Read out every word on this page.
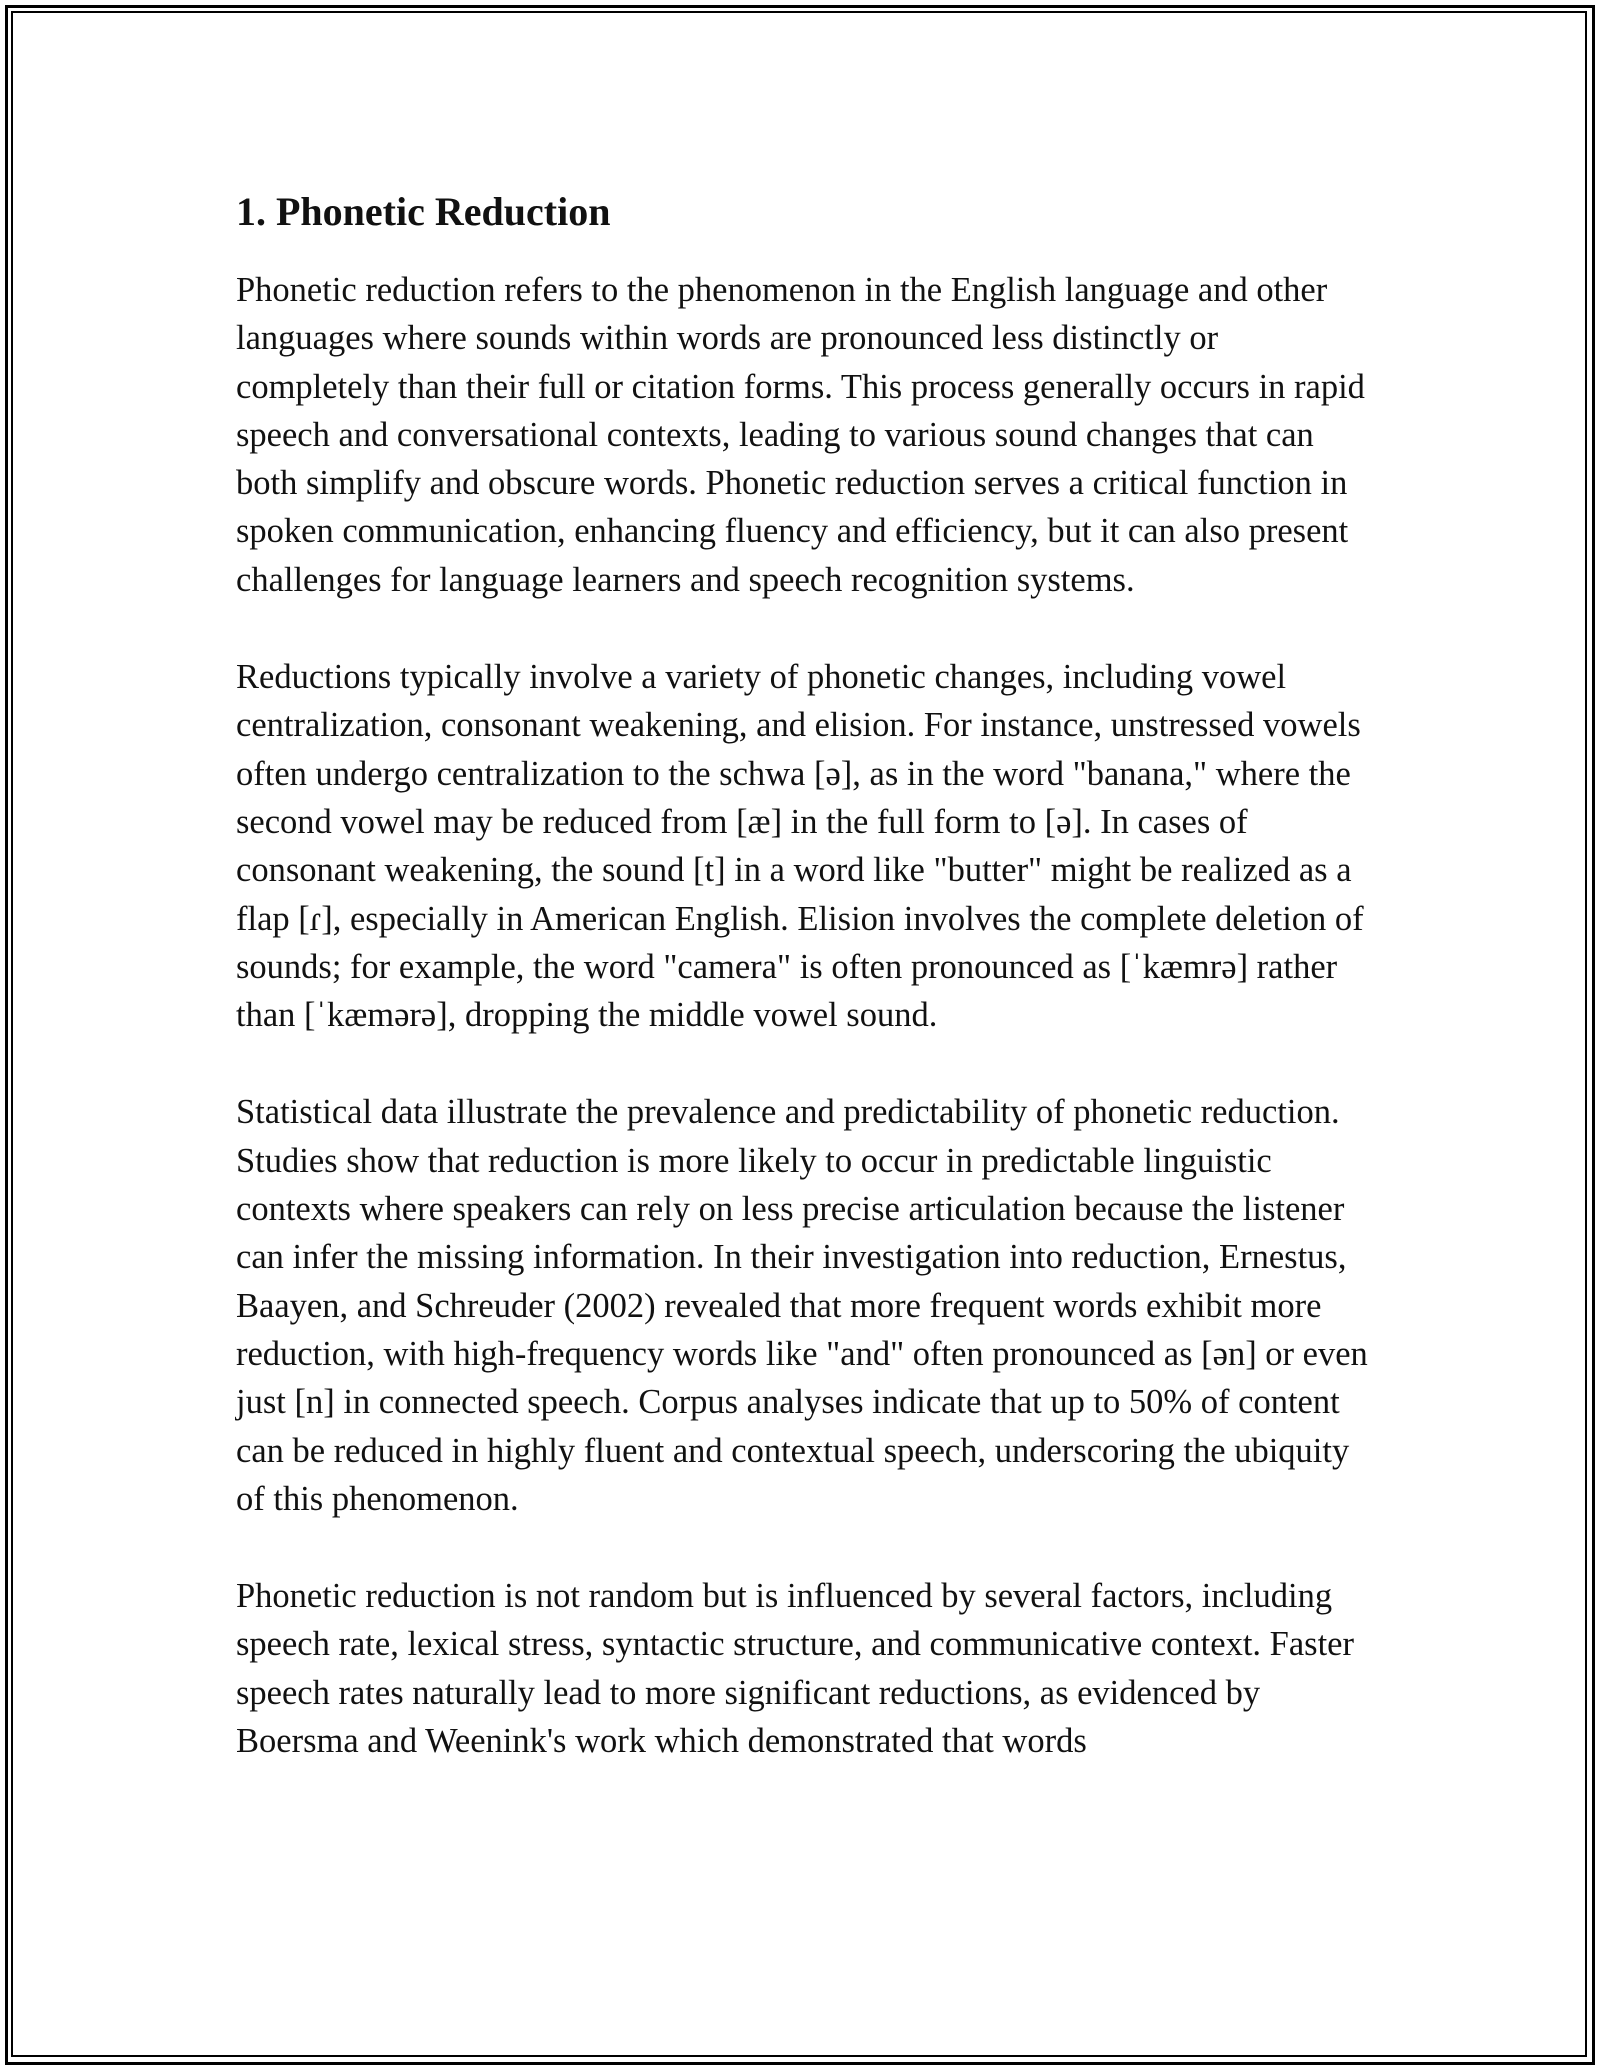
1. Phonetic Reduction

Phonetic reduction refers to the phenomenon in the English language and other languages where sounds within words are pronounced less distinctly or completely than their full or citation forms. This process generally occurs in rapid speech and conversational contexts, leading to various sound changes that can both simplify and obscure words. Phonetic reduction serves a critical function in spoken communication, enhancing fluency and efficiency, but it can also present challenges for language learners and speech recognition systems.

Reductions typically involve a variety of phonetic changes, including vowel centralization, consonant weakening, and elision. For instance, unstressed vowels often undergo centralization to the schwa [ə], as in the word "banana," where the second vowel may be reduced from [æ] in the full form to [ə]. In cases of consonant weakening, the sound [t] in a word like "butter" might be realized as a flap [ɾ], especially in American English. Elision involves the complete deletion of sounds; for example, the word "camera" is often pronounced as [ˈkæmrə] rather than [ˈkæmərə], dropping the middle vowel sound.

Statistical data illustrate the prevalence and predictability of phonetic reduction. Studies show that reduction is more likely to occur in predictable linguistic contexts where speakers can rely on less precise articulation because the listener can infer the missing information. In their investigation into reduction, Ernestus, Baayen, and Schreuder (2002) revealed that more frequent words exhibit more reduction, with high-frequency words like "and" often pronounced as [ən] or even just [n] in connected speech. Corpus analyses indicate that up to 50% of content can be reduced in highly fluent and contextual speech, underscoring the ubiquity of this phenomenon.

Phonetic reduction is not random but is influenced by several factors, including speech rate, lexical stress, syntactic structure, and communicative context. Faster speech rates naturally lead to more significant reductions, as evidenced by Boersma and Weenink's work which demonstrated that words
